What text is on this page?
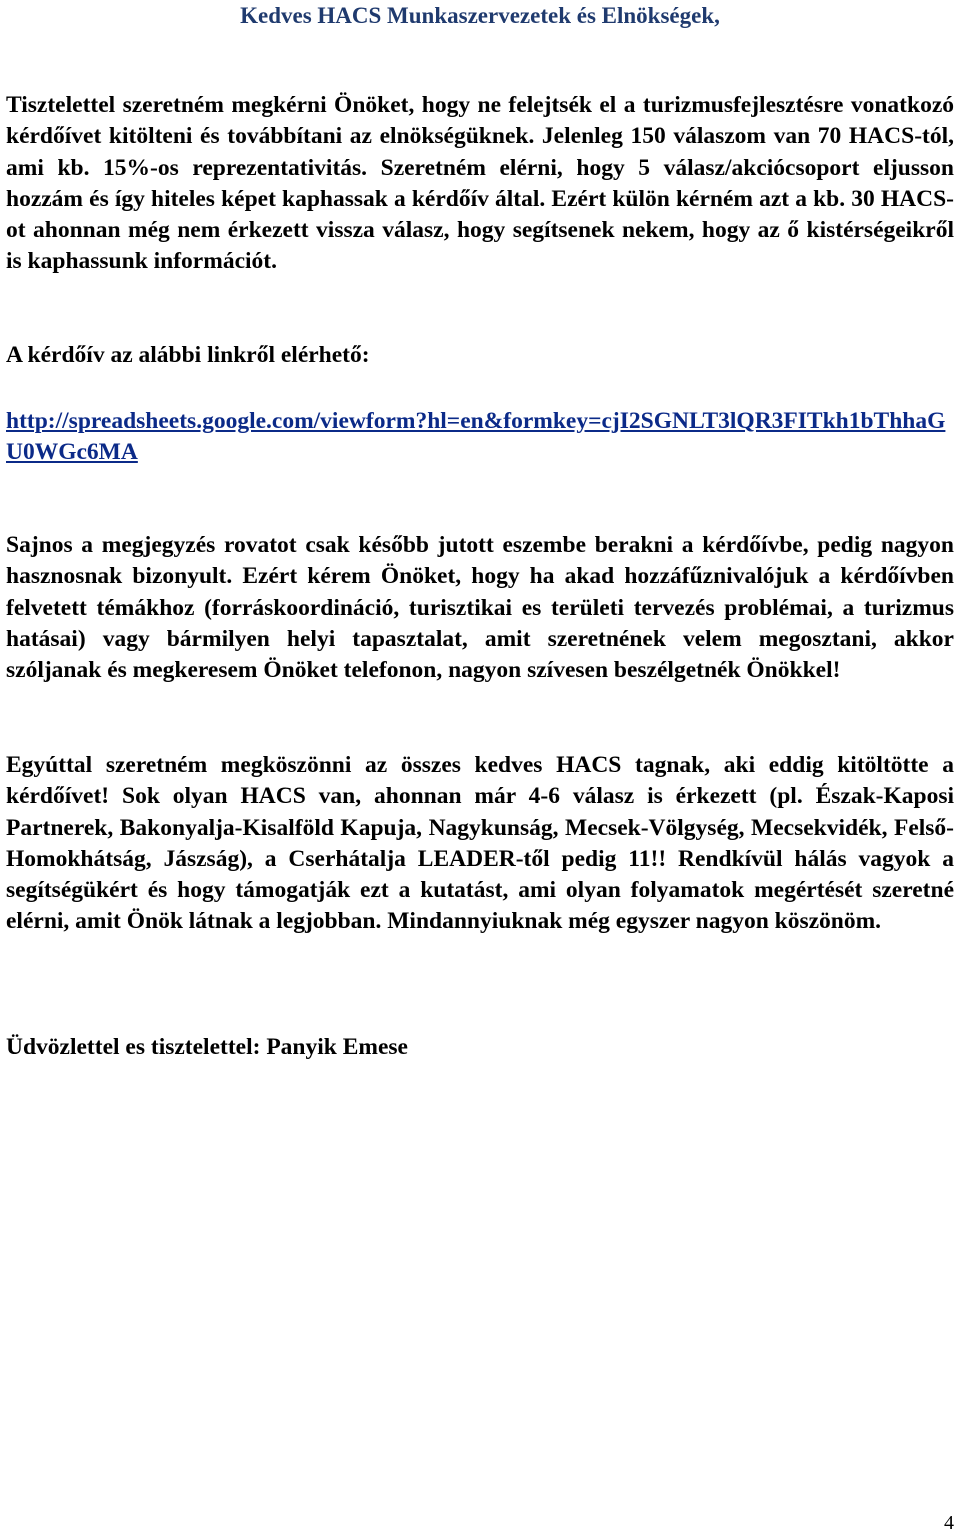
Kedves HACS Munkaszervezetek és Elnökségek,

Tisztelettel szeretném megkérni Önöket, hogy ne felejtsék el a turizmusfejlesztésre vonatkozó kérdőívet kitölteni és továbbítani az elnökségüknek. Jelenleg 150 válaszom van 70 HACS-tól, ami kb. 15%-os reprezentativitás. Szeretném elérni, hogy 5 válasz/akciócsoport eljusson hozzám és így hiteles képet kaphassak a kérdőív által. Ezért külön kérném azt a kb. 30 HACS-ot ahonnan még nem érkezett vissza válasz, hogy segítsenek nekem, hogy az ő kistérségeikről is kaphassunk információt.

A kérdőív az alábbi linkről elérhető:

http://spreadsheets.google.com/viewform?hl=en&formkey=cjI2SGNLT3lQR3FITkh1bThhaGU0WGc6MA

Sajnos a megjegyzés rovatot csak később jutott eszembe berakni a kérdőívbe, pedig nagyon hasznosnak bizonyult. Ezért kérem Önöket, hogy ha akad hozzáfűznivalójuk a kérdőívben felvetett témákhoz (forráskoordináció, turisztikai es területi tervezés problémai, a turizmus hatásai) vagy bármilyen helyi tapasztalat, amit szeretnének velem megosztani, akkor szóljanak és megkeresem Önöket telefonon, nagyon szívesen beszélgetnék Önökkel!

Egyúttal szeretném megköszönni az összes kedves HACS tagnak, aki eddig kitöltötte a kérdőívet! Sok olyan HACS van, ahonnan már 4-6 válasz is érkezett (pl. Észak-Kaposi Partnerek, Bakonyalja-Kisalföld Kapuja, Nagykunság, Mecsek-Völgység, Mecsekvidék, Felső-Homokhátság, Jászság), a Cserhátalja LEADER-től pedig 11!! Rendkívül hálás vagyok a segítségükért és hogy támogatják ezt a kutatást, ami olyan folyamatok megértését szeretné elérni, amit Önök látnak a legjobban. Mindannyiuknak még egyszer nagyon köszönöm.

Üdvözlettel es tisztelettel: Panyik Emese

4
